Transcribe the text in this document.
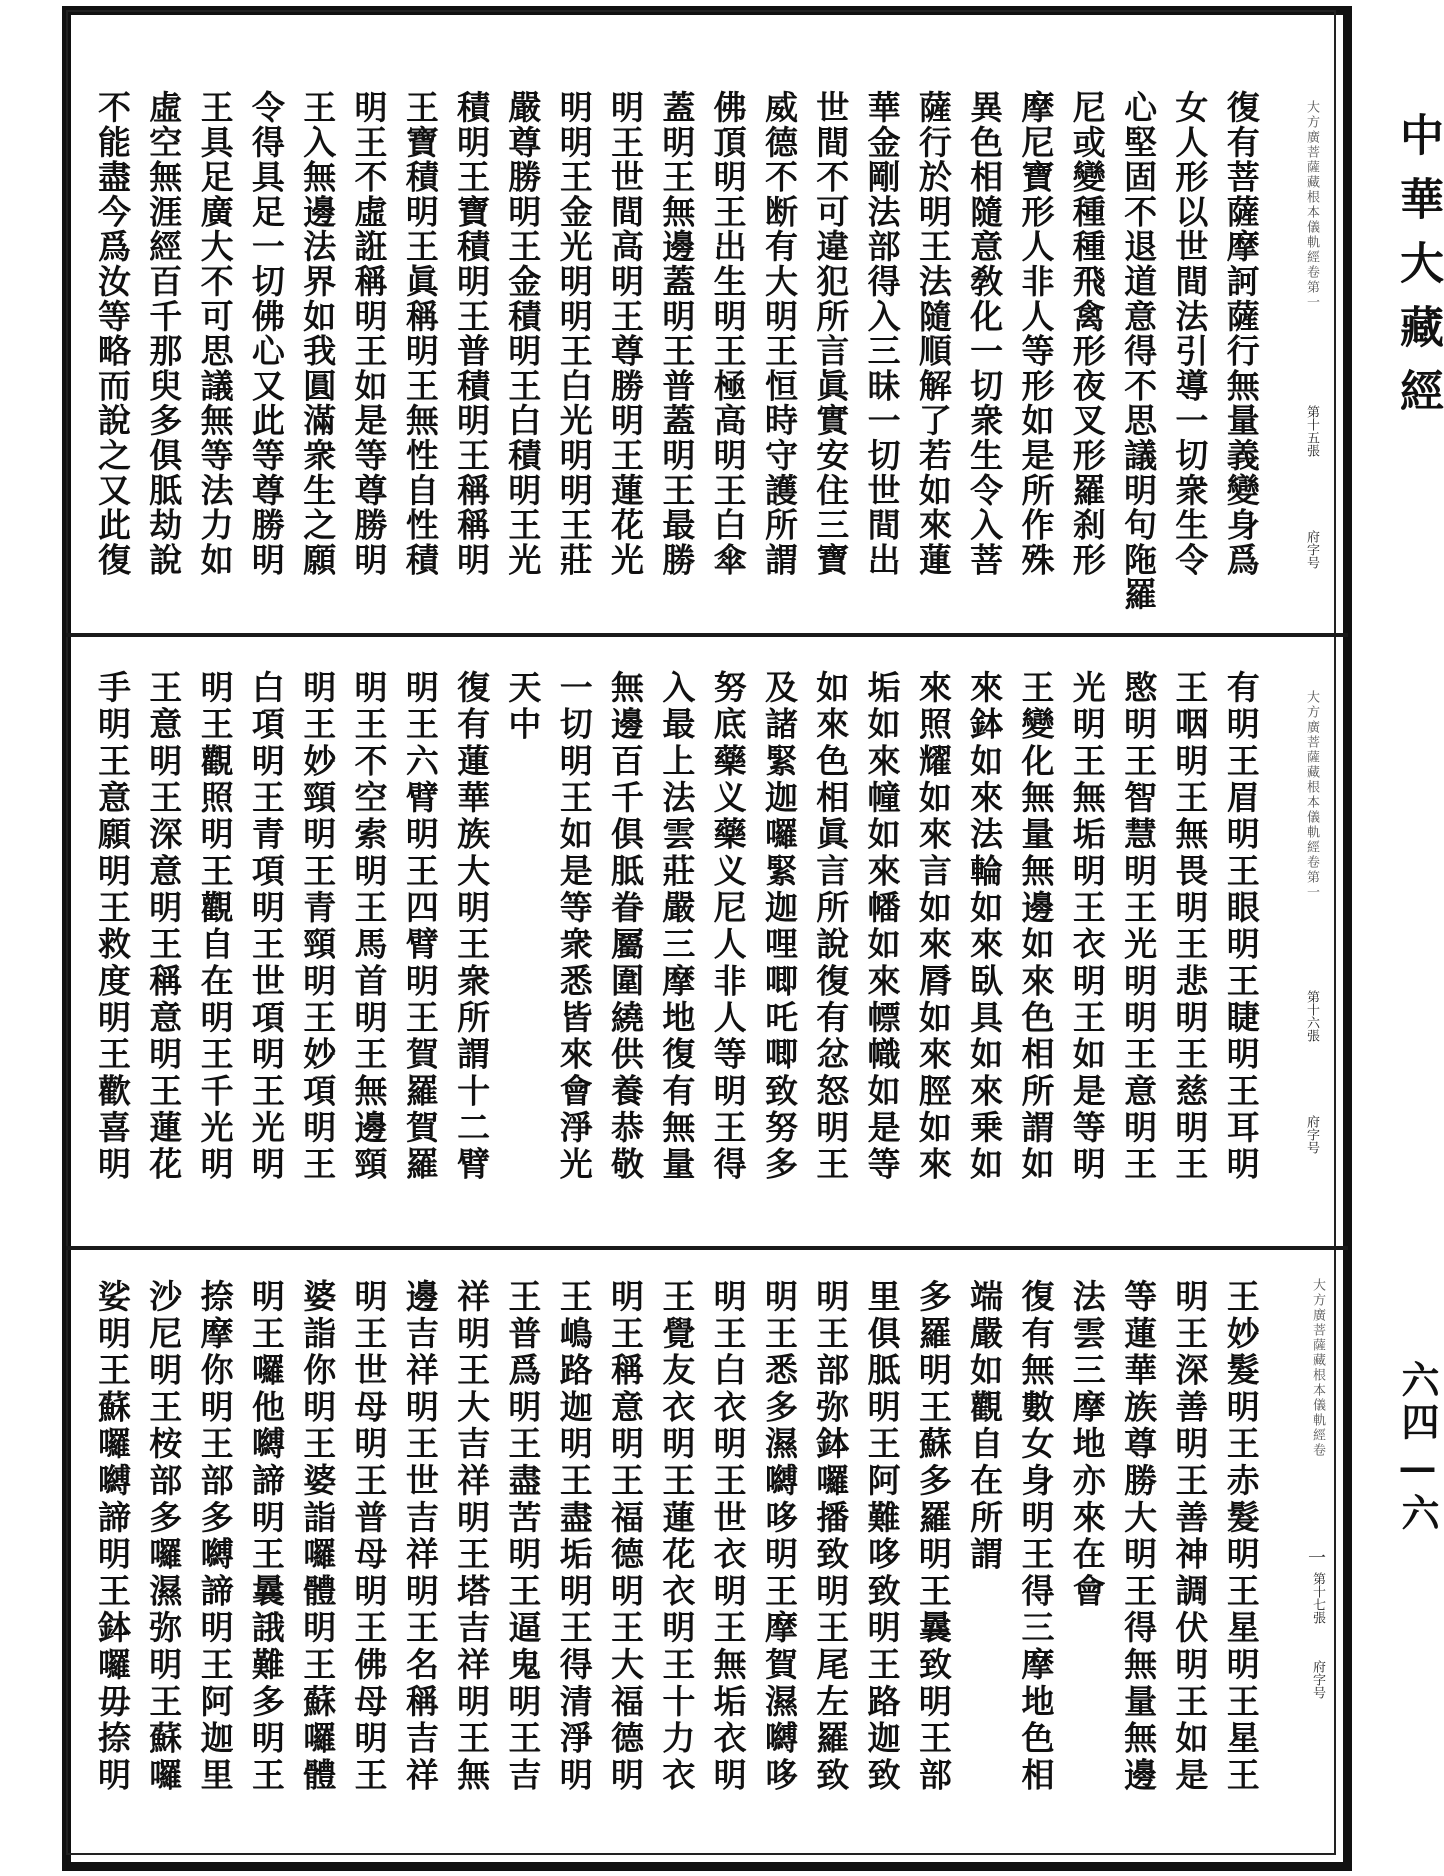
復有菩薩摩訶薩行無量義變身爲
女人形以世間法引導一切衆生令
心堅固不退道意得不思議明句陁羅
尼或變種種飛禽形夜叉形羅刹形
摩尼寶形人非人等形如是所作殊
異色相隨意敎化一切衆生令入菩
薩行於明王法隨順解了若如來蓮
華金剛法部得入三昧一切世間出
世間不可違犯所言眞實安住三寶
威德不断有大明王恒時守護所謂
佛頂明王出生明王極高明王白傘
蓋明王無邊蓋明王普蓋明王最勝
明王世間高明王尊勝明王蓮花光
明明王金光明明王白光明明王莊
嚴尊勝明王金積明王白積明王光
積明王寶積明王普積明王稱稱明
王寶積明王眞稱明王無性自性積
明王不虛誑稱明王如是等尊勝明
王入無邊法界如我圓滿衆生之願
令得具足一切佛心又此等尊勝明
王具足廣大不可思議無等法力如
虛空無涯經百千那臾多俱胝劫說
不能盡今爲汝等略而說之又此復
有明王眉明王眼明王睫明王耳明
王咽明王無畏明王悲明王慈明王
愍明王智慧明王光明明王意明王
光明王無垢明王衣明王如是等明
王變化無量無邊如來色相所謂如
來鉢如來法輪如來臥具如來乗如
來照耀如來言如來脣如來脛如來
垢如來幢如來幡如來幖幟如是等
如來色相眞言所說復有忿怒明王
及諸緊迦囉緊迦哩唧吒唧致努多
努底藥义藥义尼人非人等明王得
入最上法雲莊嚴三摩地復有無量
無邊百千俱胝眷屬圍繞供養恭敬
一切明王如是等衆悉皆來會淨光
天中
復有蓮華族大明王衆所謂十二臂
明王六臂明王四臂明王賀羅賀羅
明王不空索明王馬首明王無邊頸
明王妙頸明王青頸明王妙項明王
白項明王青項明王世項明王光明
明王觀照明王觀自在明王千光明
王意明王深意明王稱意明王蓮花
手明王意願明王救度明王歡喜明
王妙髮明王赤髮明王星明王星王
明王深善明王善神調伏明王如是
等蓮華族尊勝大明王得無量無邊
法雲三摩地亦來在會
復有無數女身明王得三摩地色相
端嚴如觀自在所謂
多羅明王蘇多羅明王曩致明王部
里俱胝明王阿難哆致明王路迦致
明王部弥鉢囉播致明王尾左羅致
明王悉多濕嚩哆明王摩賀濕嚩哆
明王白衣明王世衣明王無垢衣明
王覺友衣明王蓮花衣明王十力衣
明王稱意明王福德明王大福德明
王嶋路迦明王盡垢明王得清淨明
王普爲明王盡苦明王逼鬼明王吉
祥明王大吉祥明王塔吉祥明王無
邊吉祥明王世吉祥明王名稱吉祥
明王世母明王普母明王佛母明王
婆詣你明王婆詣囉體明王蘇囉體
明王囉他嚩諦明王曩誐難多明王
捺摩你明王部多嚩諦明王阿迦里
沙尼明王桉部多囉濕弥明王蘇囉
娑明王蘇囉嚩諦明王鉢囉毋捺明
大方廣菩薩藏根本儀軌經卷第一
第十五張
府字号
大方廣菩薩藏根本儀軌經卷第一
第十六張
府字号
大方廣菩薩藏根本儀軌經卷
一
第十七張
府字号
中華大藏經
六四—六
